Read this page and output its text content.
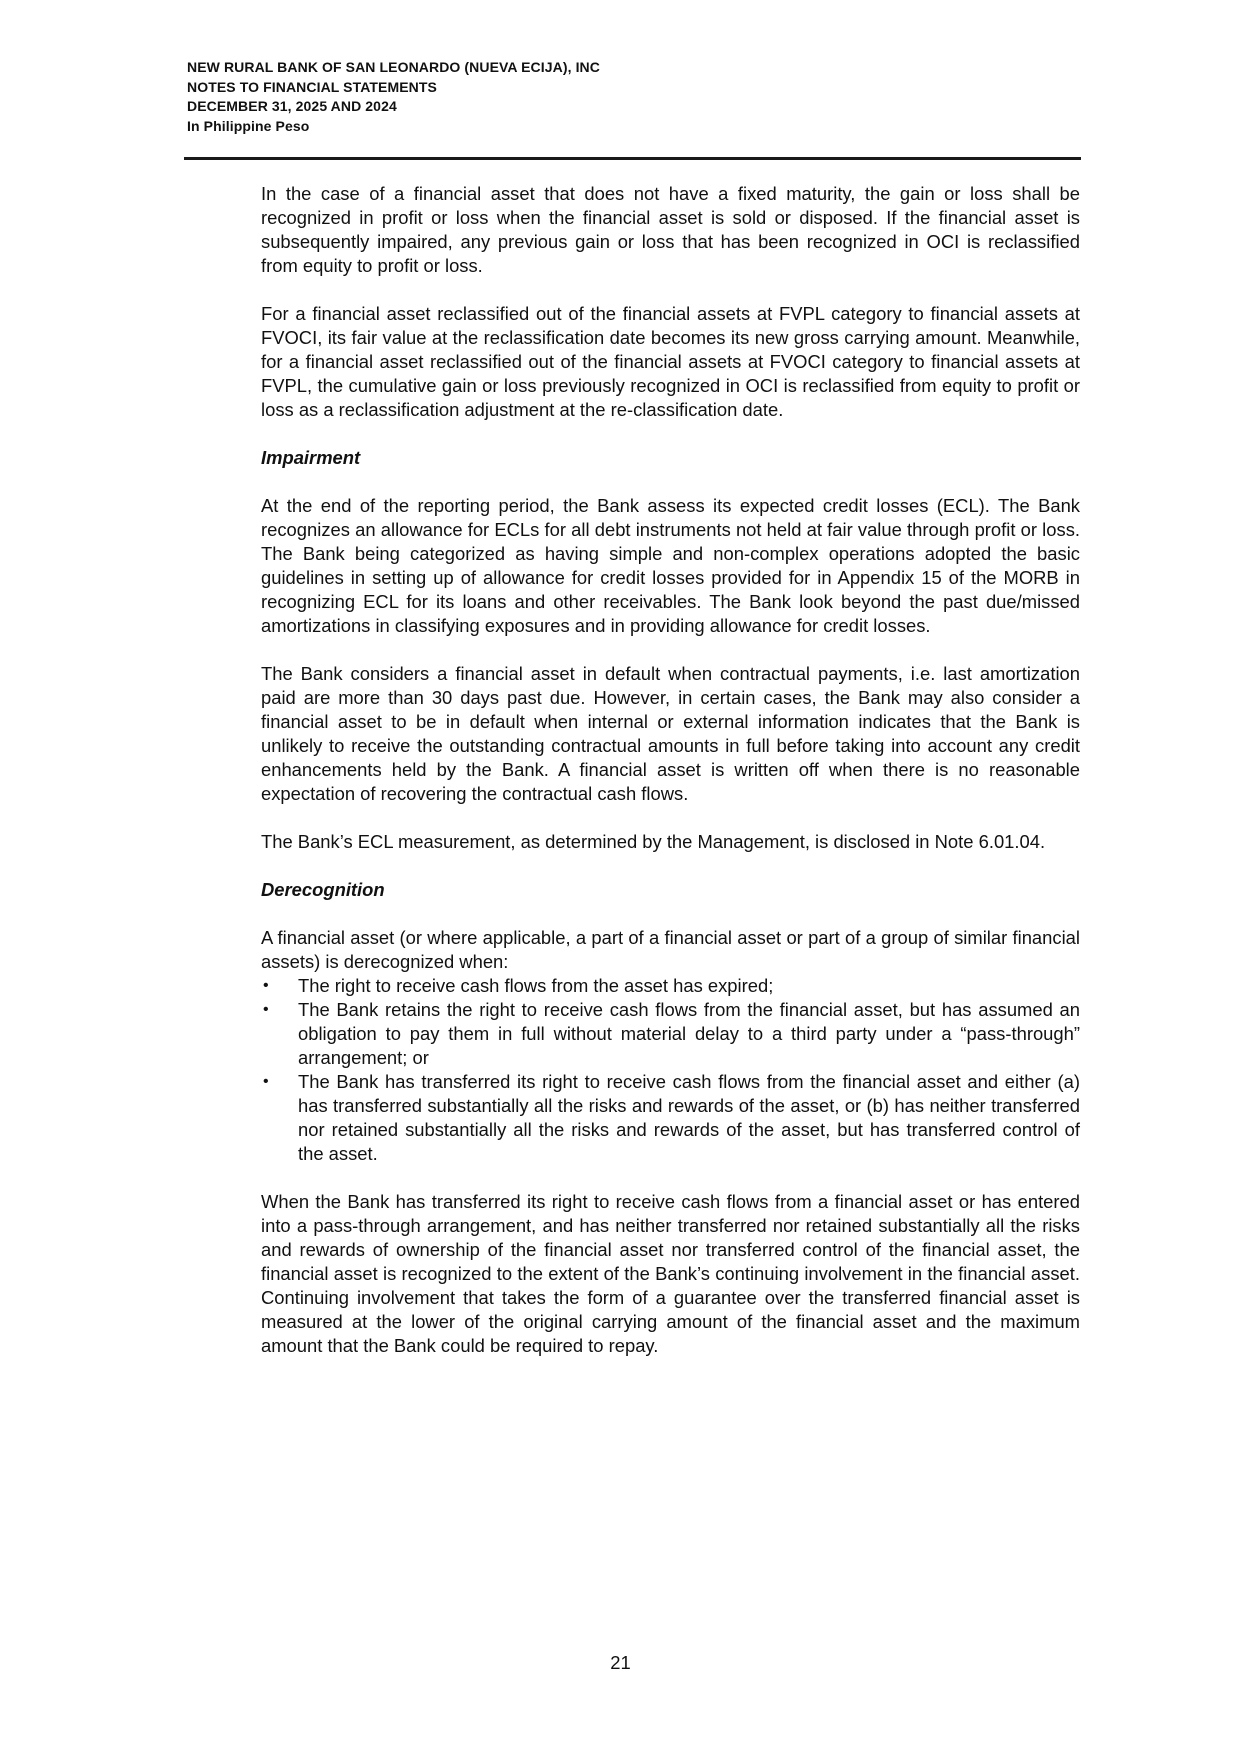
NEW RURAL BANK OF SAN LEONARDO (NUEVA ECIJA), INC
NOTES TO FINANCIAL STATEMENTS
DECEMBER 31, 2025 AND 2024
In Philippine Peso

In the case of a financial asset that does not have a fixed maturity, the gain or loss shall be recognized in profit or loss when the financial asset is sold or disposed. If the financial asset is subsequently impaired, any previous gain or loss that has been recognized in OCI is reclassified from equity to profit or loss.

For a financial asset reclassified out of the financial assets at FVPL category to financial assets at FVOCI, its fair value at the reclassification date becomes its new gross carrying amount. Meanwhile, for a financial asset reclassified out of the financial assets at FVOCI category to financial assets at FVPL, the cumulative gain or loss previously recognized in OCI is reclassified from equity to profit or loss as a reclassification adjustment at the re-classification date.

Impairment

At the end of the reporting period, the Bank assess its expected credit losses (ECL). The Bank recognizes an allowance for ECLs for all debt instruments not held at fair value through profit or loss. The Bank being categorized as having simple and non-complex operations adopted the basic guidelines in setting up of allowance for credit losses provided for in Appendix 15 of the MORB in recognizing ECL for its loans and other receivables. The Bank look beyond the past due/missed amortizations in classifying exposures and in providing allowance for credit losses.

The Bank considers a financial asset in default when contractual payments, i.e. last amortization paid are more than 30 days past due. However, in certain cases, the Bank may also consider a financial asset to be in default when internal or external information indicates that the Bank is unlikely to receive the outstanding contractual amounts in full before taking into account any credit enhancements held by the Bank. A financial asset is written off when there is no reasonable expectation of recovering the contractual cash flows.

The Bank’s ECL measurement, as determined by the Management, is disclosed in Note 6.01.04.

Derecognition

A financial asset (or where applicable, a part of a financial asset or part of a group of similar financial assets) is derecognized when:

• The right to receive cash flows from the asset has expired;
• The Bank retains the right to receive cash flows from the financial asset, but has assumed an obligation to pay them in full without material delay to a third party under a “pass-through” arrangement; or
• The Bank has transferred its right to receive cash flows from the financial asset and either (a) has transferred substantially all the risks and rewards of the asset, or (b) has neither transferred nor retained substantially all the risks and rewards of the asset, but has transferred control of the asset.

When the Bank has transferred its right to receive cash flows from a financial asset or has entered into a pass-through arrangement, and has neither transferred nor retained substantially all the risks and rewards of ownership of the financial asset nor transferred control of the financial asset, the financial asset is recognized to the extent of the Bank’s continuing involvement in the financial asset. Continuing involvement that takes the form of a guarantee over the transferred financial asset is measured at the lower of the original carrying amount of the financial asset and the maximum amount that the Bank could be required to repay.

21
